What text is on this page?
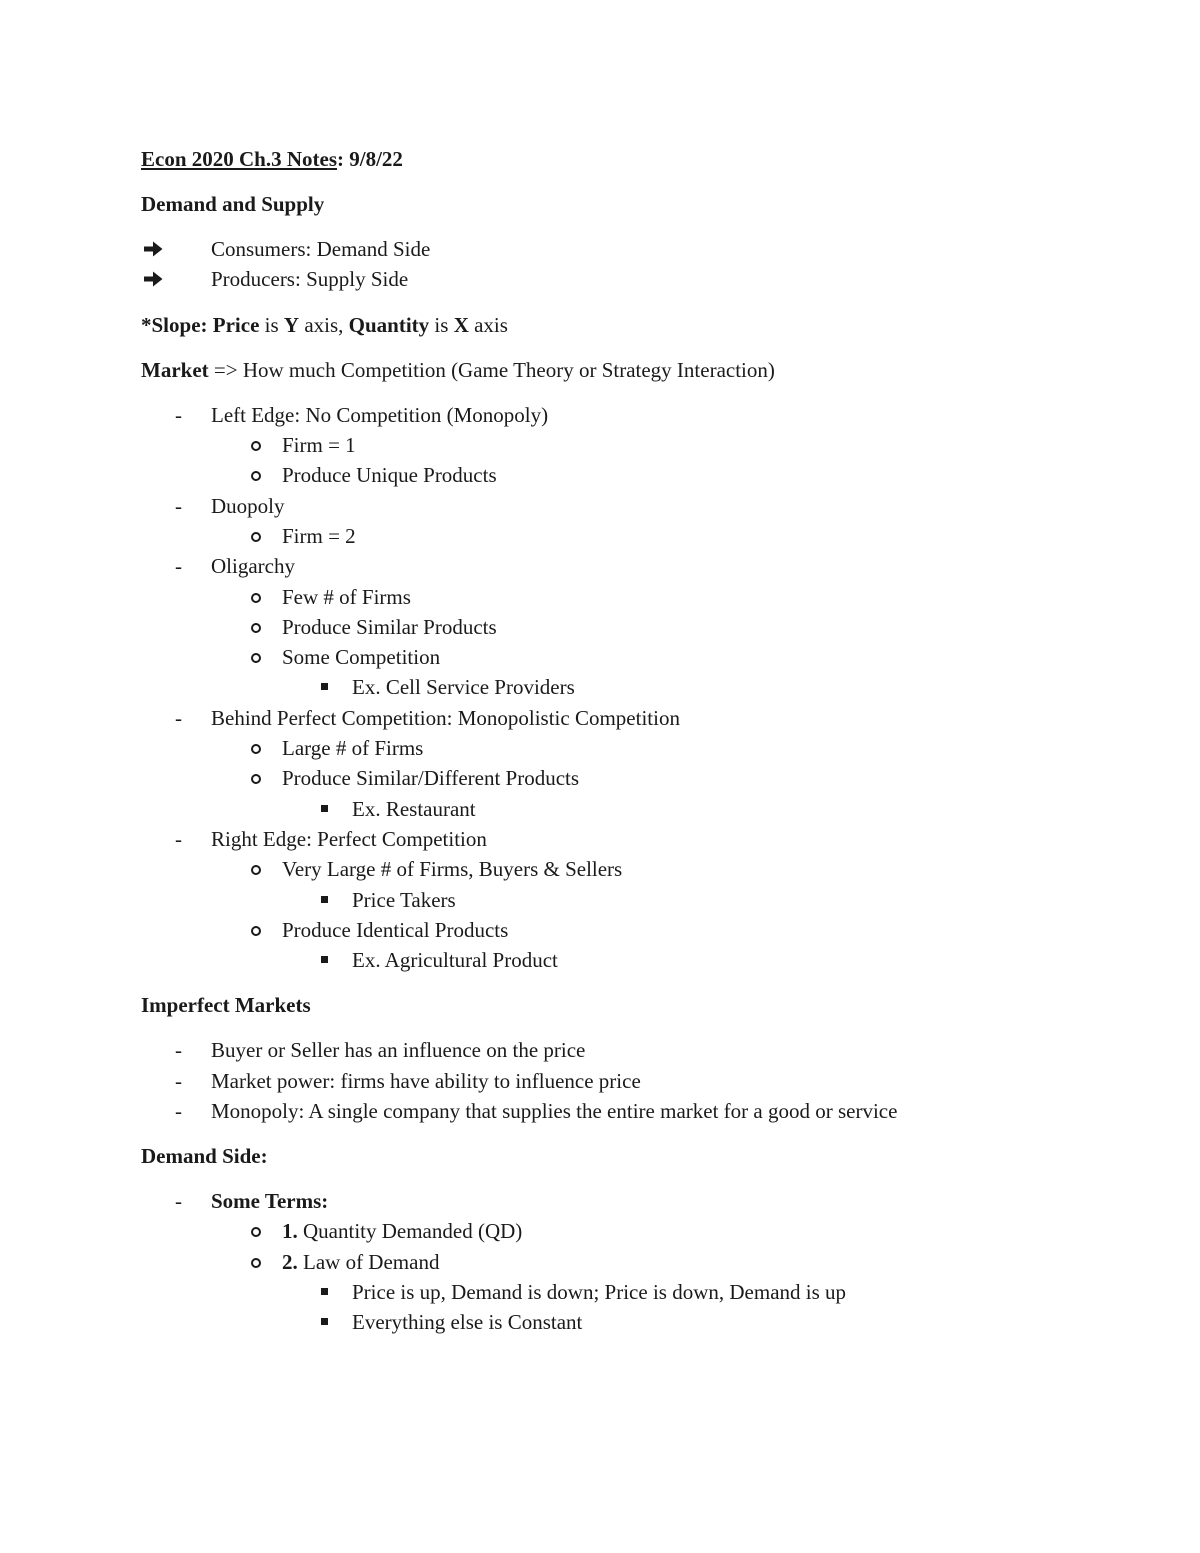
Econ 2020 Ch.3 Notes: 9/8/22
Demand and Supply
Consumers: Demand Side
Producers: Supply Side
*Slope: Price is Y axis, Quantity is X axis
Market => How much Competition (Game Theory or Strategy Interaction)
- Left Edge: No Competition (Monopoly)
Firm = 1
Produce Unique Products
- Duopoly
Firm = 2
- Oligarchy
Few # of Firms
Produce Similar Products
Some Competition
Ex. Cell Service Providers
- Behind Perfect Competition: Monopolistic Competition
Large # of Firms
Produce Similar/Different Products
Ex. Restaurant
- Right Edge: Perfect Competition
Very Large # of Firms, Buyers & Sellers
Price Takers
Produce Identical Products
Ex. Agricultural Product
Imperfect Markets
- Buyer or Seller has an influence on the price
- Market power: firms have ability to influence price
- Monopoly: A single company that supplies the entire market for a good or service
Demand Side:
- Some Terms:
1. Quantity Demanded (QD)
2. Law of Demand
Price is up, Demand is down; Price is down, Demand is up
Everything else is Constant
